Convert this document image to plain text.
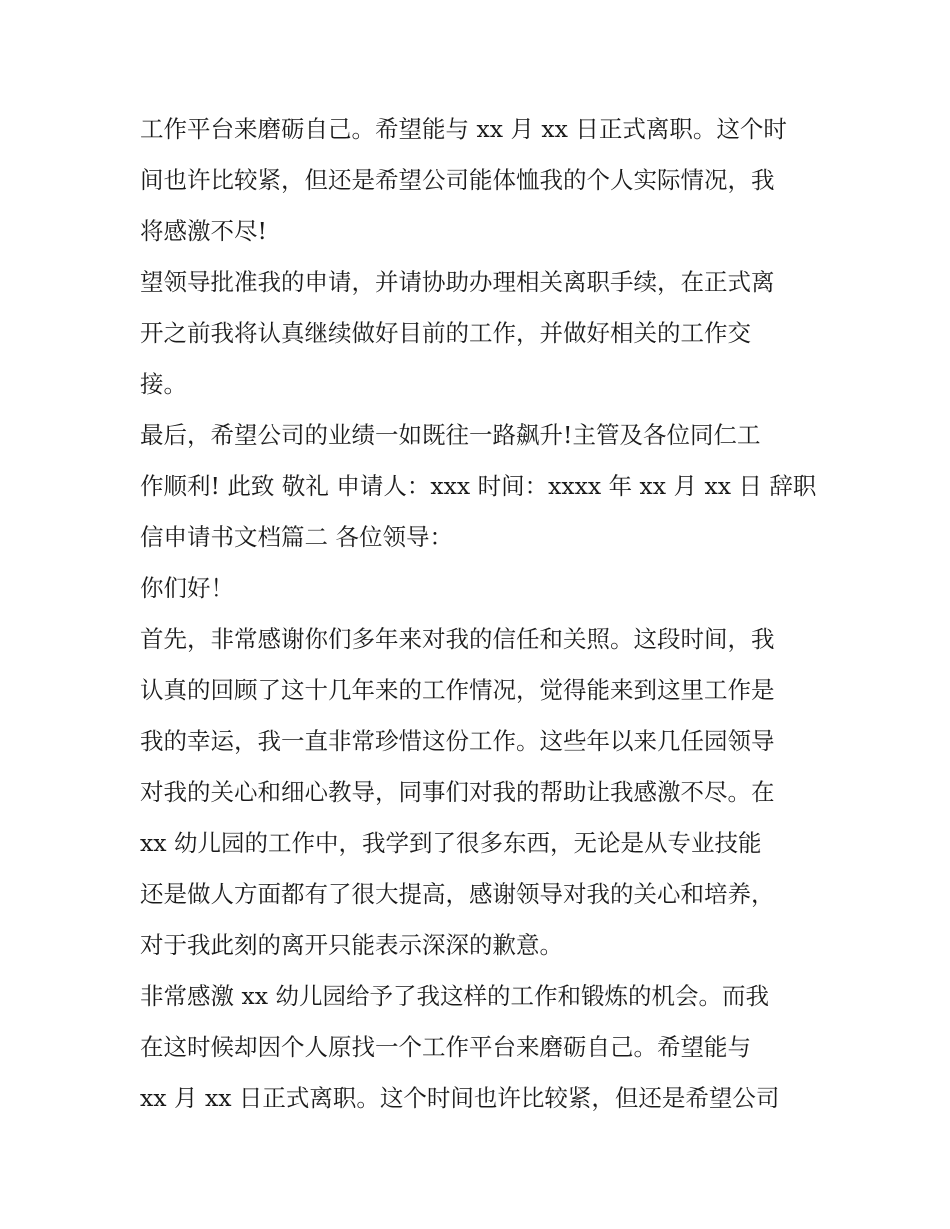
工作平台来磨砺自己。希望能与 xx 月 xx 日正式离职。这个时
间也许比较紧，但还是希望公司能体恤我的个人实际情况，我
将感激不尽!
望领导批准我的申请，并请协助办理相关离职手续，在正式离
开之前我将认真继续做好目前的工作，并做好相关的工作交
接。
最后，希望公司的业绩一如既往一路飙升!主管及各位同仁工
作顺利! 此致 敬礼 申请人：xxx 时间：xxxx 年 xx 月 xx 日 辞职
信申请书文档篇二 各位领导：
你们好！
首先，非常感谢你们多年来对我的信任和关照。这段时间，我
认真的回顾了这十几年来的工作情况，觉得能来到这里工作是
我的幸运，我一直非常珍惜这份工作。这些年以来几任园领导
对我的关心和细心教导，同事们对我的帮助让我感激不尽。在
xx 幼儿园的工作中，我学到了很多东西，无论是从专业技能
还是做人方面都有了很大提高，感谢领导对我的关心和培养，
对于我此刻的离开只能表示深深的歉意。
非常感激 xx 幼儿园给予了我这样的工作和锻炼的机会。而我
在这时候却因个人原找一个工作平台来磨砺自己。希望能与
xx 月 xx 日正式离职。这个时间也许比较紧，但还是希望公司
